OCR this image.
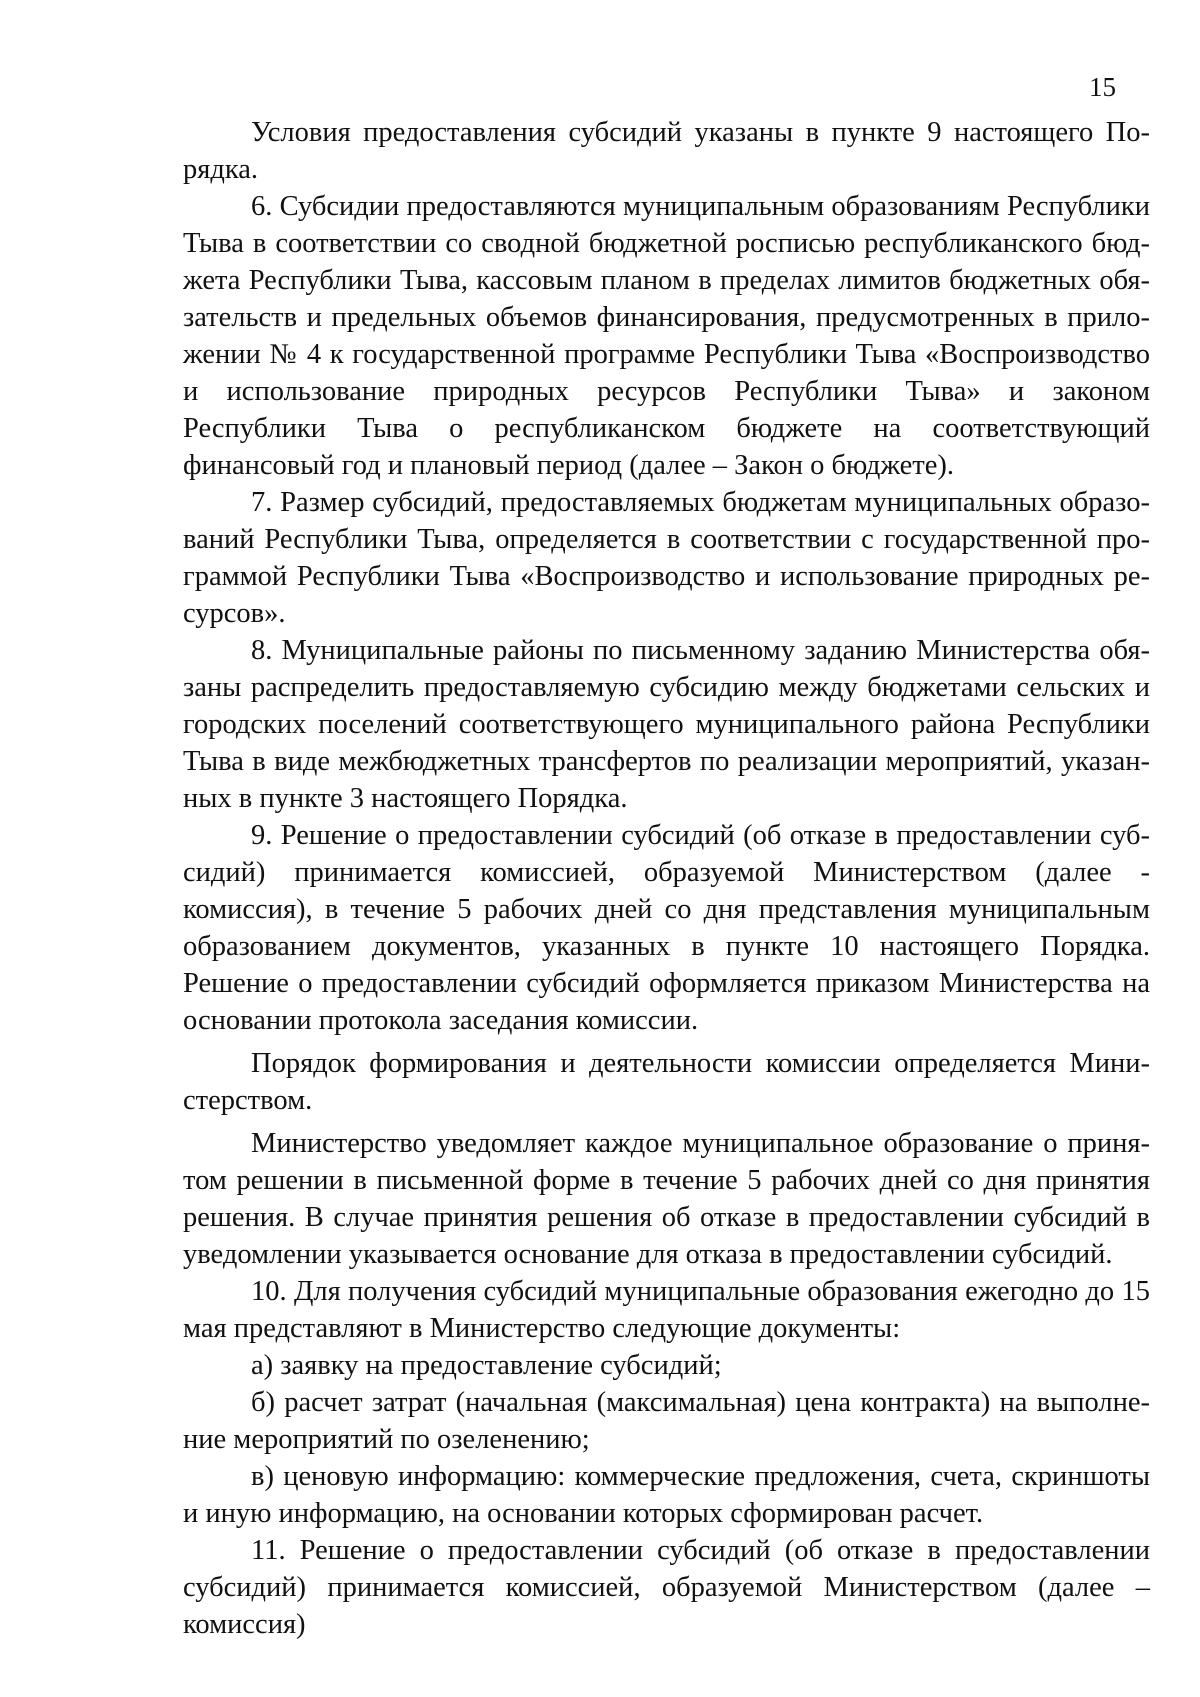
15

Условия предоставления субсидий указаны в пункте 9 настоящего Порядка.

6. Субсидии предоставляются муниципальным образованиям Республики Тыва в соответствии со сводной бюджетной росписью республиканского бюджета Республики Тыва, кассовым планом в пределах лимитов бюджетных обязательств и предельных объемов финансирования, предусмотренных в приложении № 4 к государственной программе Республики Тыва «Воспроизводство и использование природных ресурсов Республики Тыва» и законом Республики Тыва о республиканском бюджете на соответствующий финансовый год и плановый период (далее – Закон о бюджете).

7. Размер субсидий, предоставляемых бюджетам муниципальных образований Республики Тыва, определяется в соответствии с государственной программой Республики Тыва «Воспроизводство и использование природных ресурсов».

8. Муниципальные районы по письменному заданию Министерства обязаны распределить предоставляемую субсидию между бюджетами сельских и городских поселений соответствующего муниципального района Республики Тыва в виде межбюджетных трансфертов по реализации мероприятий, указанных в пункте 3 настоящего Порядка.

9. Решение о предоставлении субсидий (об отказе в предоставлении субсидий) принимается комиссией, образуемой Министерством (далее - комиссия), в течение 5 рабочих дней со дня представления муниципальным образованием документов, указанных в пункте 10 настоящего Порядка. Решение о предоставлении субсидий оформляется приказом Министерства на основании протокола заседания комиссии.

Порядок формирования и деятельности комиссии определяется Министерством.

Министерство уведомляет каждое муниципальное образование о принятом решении в письменной форме в течение 5 рабочих дней со дня принятия решения. В случае принятия решения об отказе в предоставлении субсидий в уведомлении указывается основание для отказа в предоставлении субсидий.

10. Для получения субсидий муниципальные образования ежегодно до 15 мая представляют в Министерство следующие документы:

а) заявку на предоставление субсидий;

б) расчет затрат (начальная (максимальная) цена контракта) на выполнение мероприятий по озеленению;

в) ценовую информацию: коммерческие предложения, счета, скриншоты и иную информацию, на основании которых сформирован расчет.

11. Решение о предоставлении субсидий (об отказе в предоставлении субсидий) принимается комиссией, образуемой Министерством (далее – комиссия)
